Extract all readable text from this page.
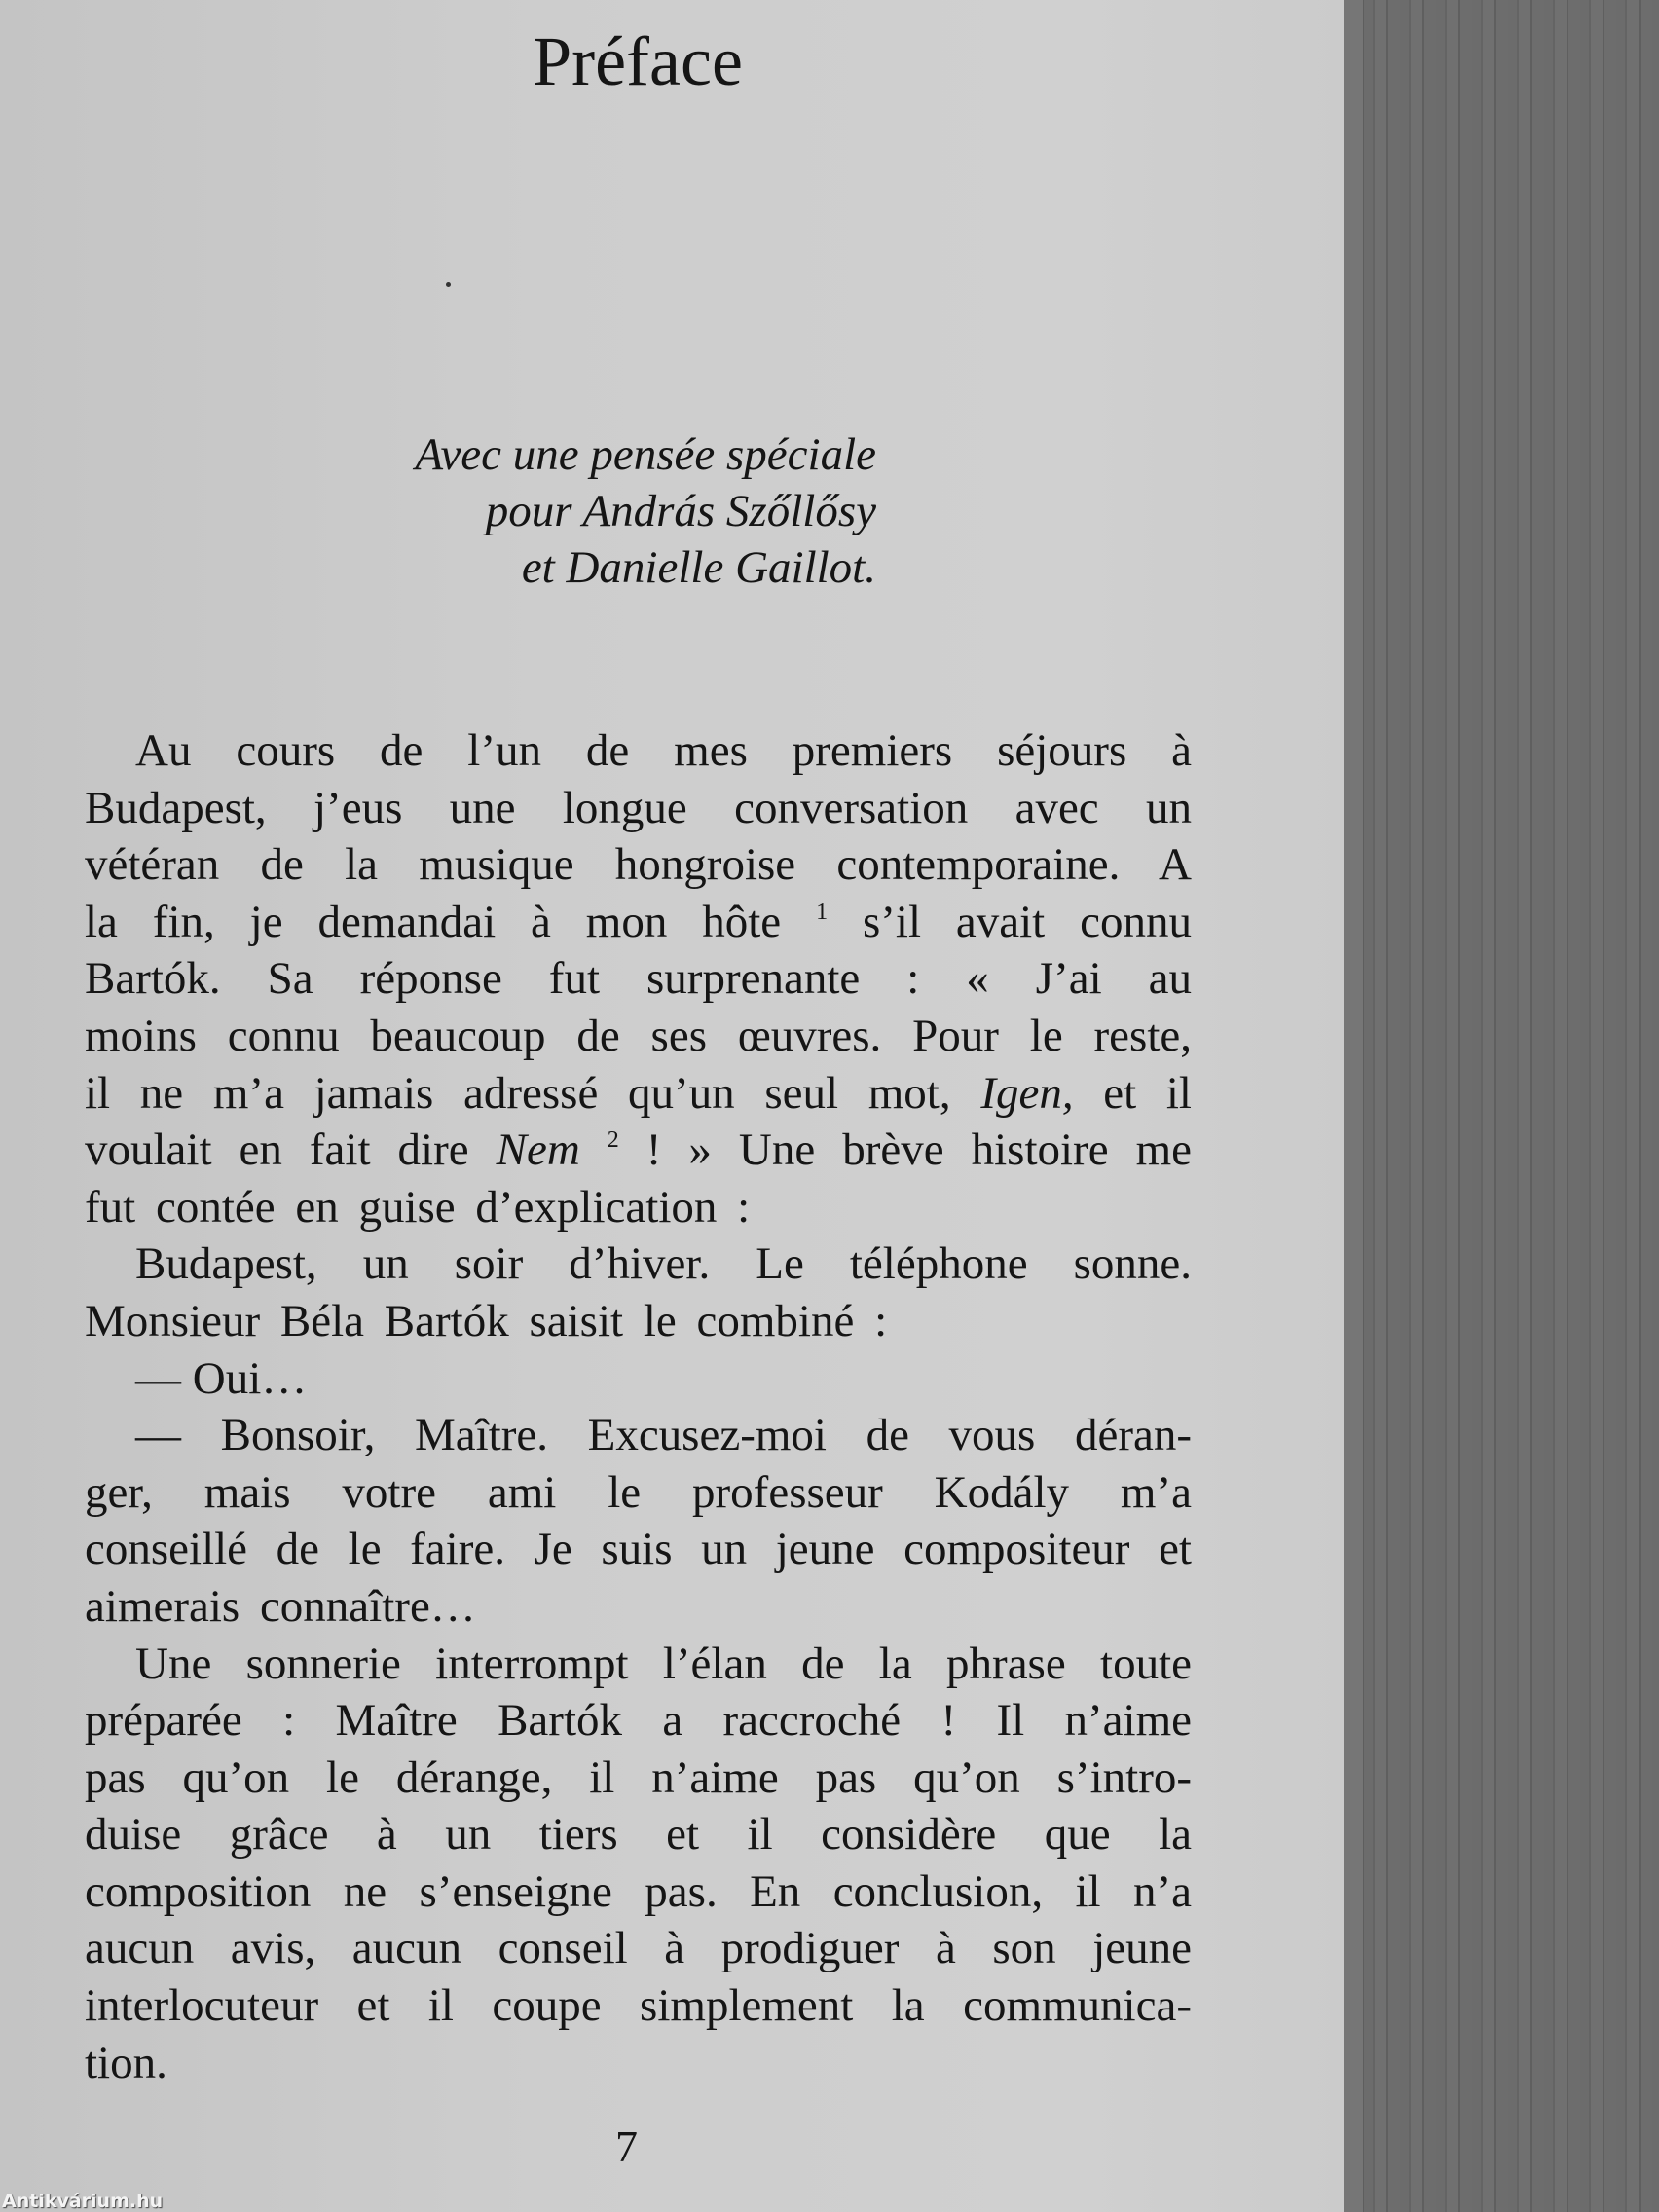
Préface
Avec une pensée spéciale
pour András Szőllősy
et Danielle Gaillot.
Au cours de l’un de mes premiers séjours à
Budapest, j’eus une longue conversation avec un
vétéran de la musique hongroise contemporaine. A
la fin, je demandai à mon hôte $^1$ s’il avait connu
Bartók. Sa réponse fut surprenante : « J’ai au
moins connu beaucoup de ses œuvres. Pour le reste,
il ne m’a jamais adressé qu’un seul mot, Igen, et il
voulait en fait dire Nem $^2$ ! » Une brève histoire me
fut contée en guise d’explication :
Budapest, un soir d’hiver. Le téléphone sonne.
Monsieur Béla Bartók saisit le combiné :
— Oui…
— Bonsoir, Maître. Excusez-moi de vous déran-
ger, mais votre ami le professeur Kodály m’a
conseillé de le faire. Je suis un jeune compositeur et
aimerais connaître…
Une sonnerie interrompt l’élan de la phrase toute
préparée : Maître Bartók a raccroché ! Il n’aime
pas qu’on le dérange, il n’aime pas qu’on s’intro-
duise grâce à un tiers et il considère que la
composition ne s’enseigne pas. En conclusion, il n’a
aucun avis, aucun conseil à prodiguer à son jeune
interlocuteur et il coupe simplement la communica-
tion.
7
Antikvárium.hu
